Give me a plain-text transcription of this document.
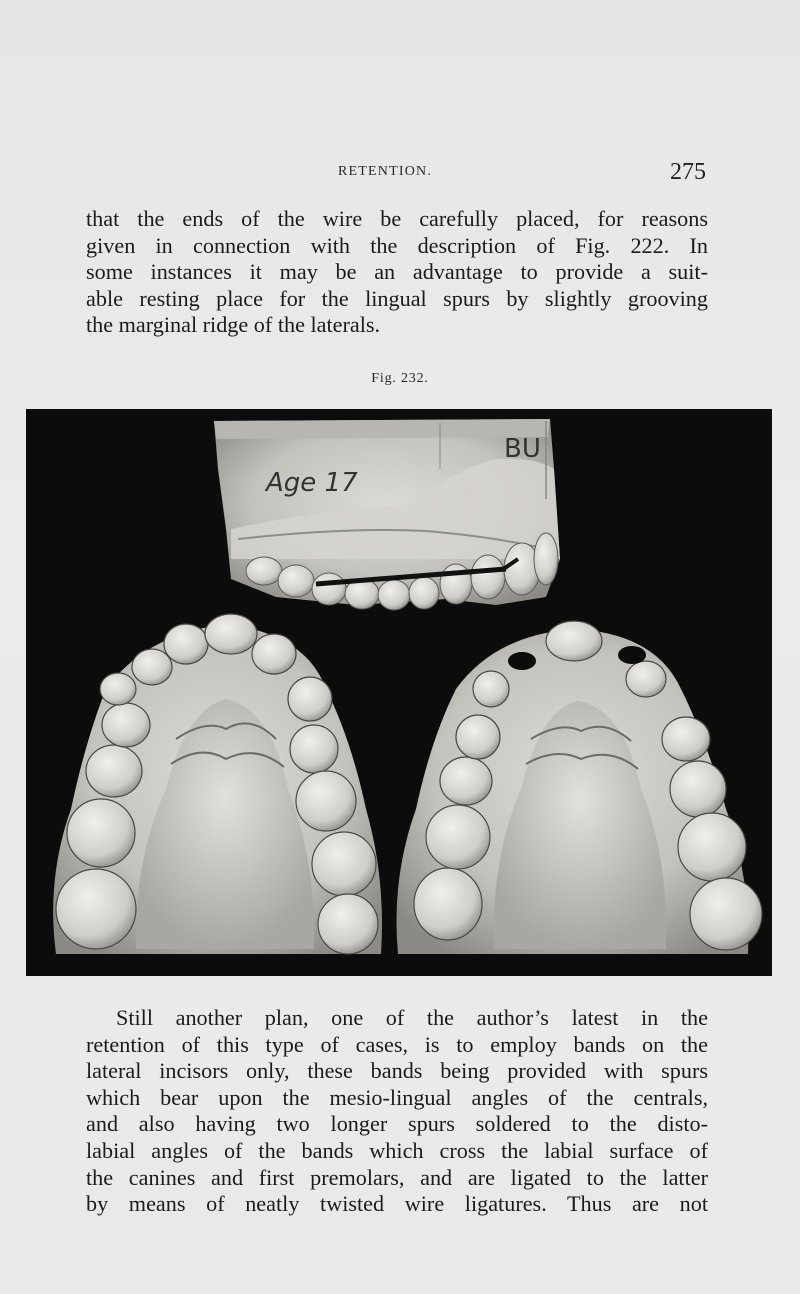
RETENTION.	275
that the ends of the wire be carefully placed, for reasons
given in connection with the description of Fig. 222. In
some instances it may be an advantage to provide a suit-
able resting place for the lingual spurs by slightly grooving
the marginal ridge of the laterals.
Fig. 232.
Age 17
BU
Still another plan, one of the author’s latest in the
retention of this type of cases, is to employ bands on the
lateral incisors only, these bands being provided with spurs
which bear upon the mesio-lingual angles of the centrals,
and also having two longer spurs soldered to the disto-
labial angles of the bands which cross the labial surface of
the canines and first premolars, and are ligated to the latter
by means of neatly twisted wire ligatures. Thus are not
